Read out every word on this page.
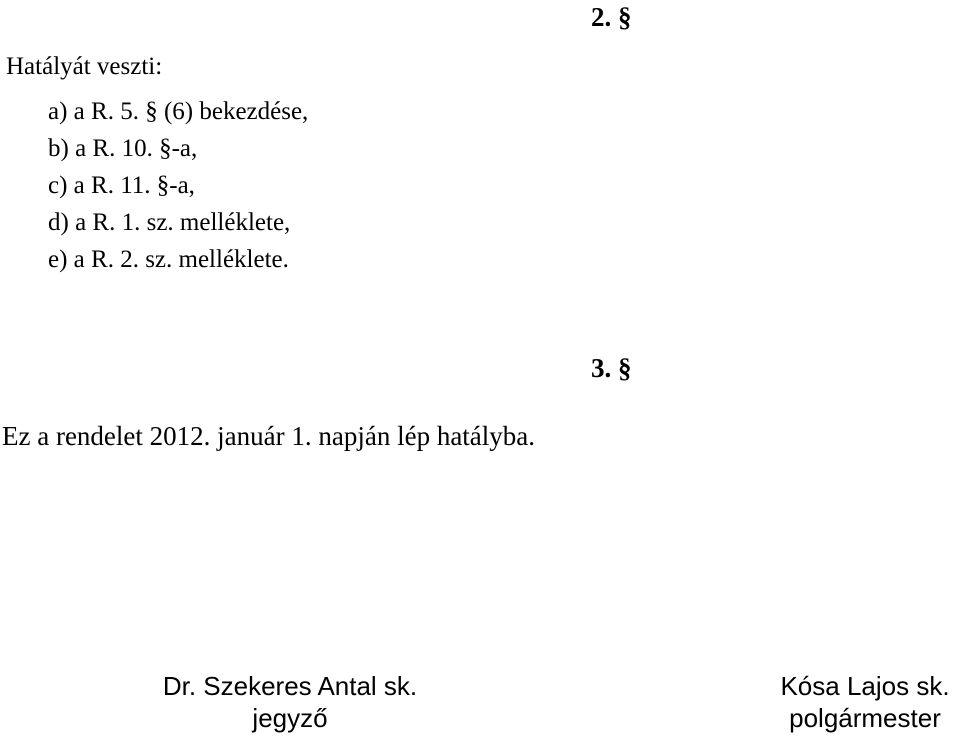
2. §
Hatályát veszti:
a) a R. 5. § (6) bekezdése,
b) a R. 10. §-a,
c) a R. 11. §-a,
d) a R. 1. sz. melléklete,
e) a R. 2. sz. melléklete.
3. §
Ez a rendelet 2012. január 1. napján lép hatályba.
Dr. Szekeres Antal sk.
jegyző
Kósa Lajos sk.
polgármester
